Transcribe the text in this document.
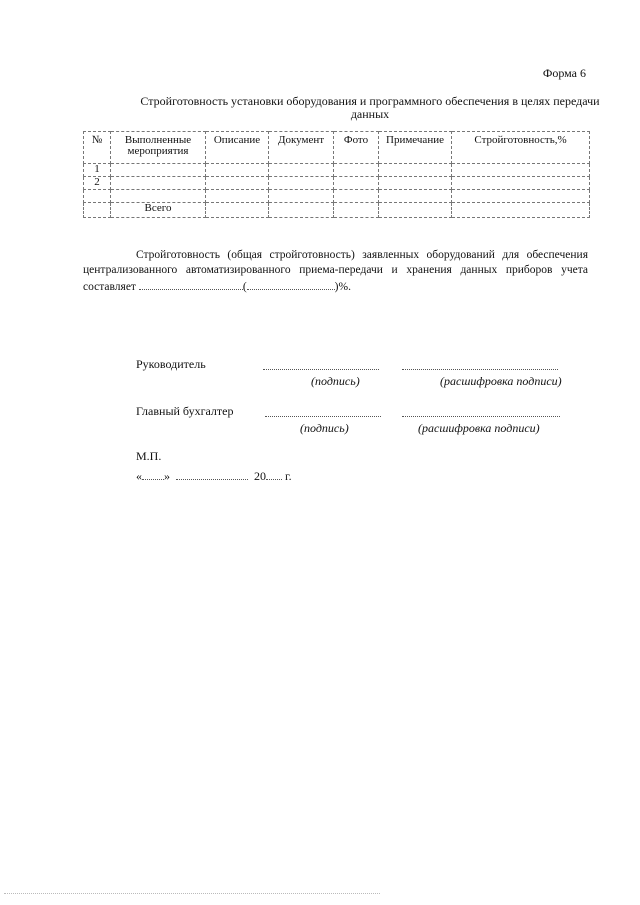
Форма 6
Стройготовность установки оборудования и программного обеспечения в целях передачи данных
№	Выполненные мероприятия	Описание	Документ	Фото	Примечание	Стройготовность,%
1						
2						

	Всего					
Стройготовность (общая стройготовность) заявленных оборудований для обеспечения централизованного автоматизированного приема-передачи и хранения данных приборов учета составляет	(	)%.
Руководитель
(подпись)	(расшифровка подписи)
Главный бухгалтер
(подпись)	(расшифровка подписи)
М.П.
« »	20 г.
